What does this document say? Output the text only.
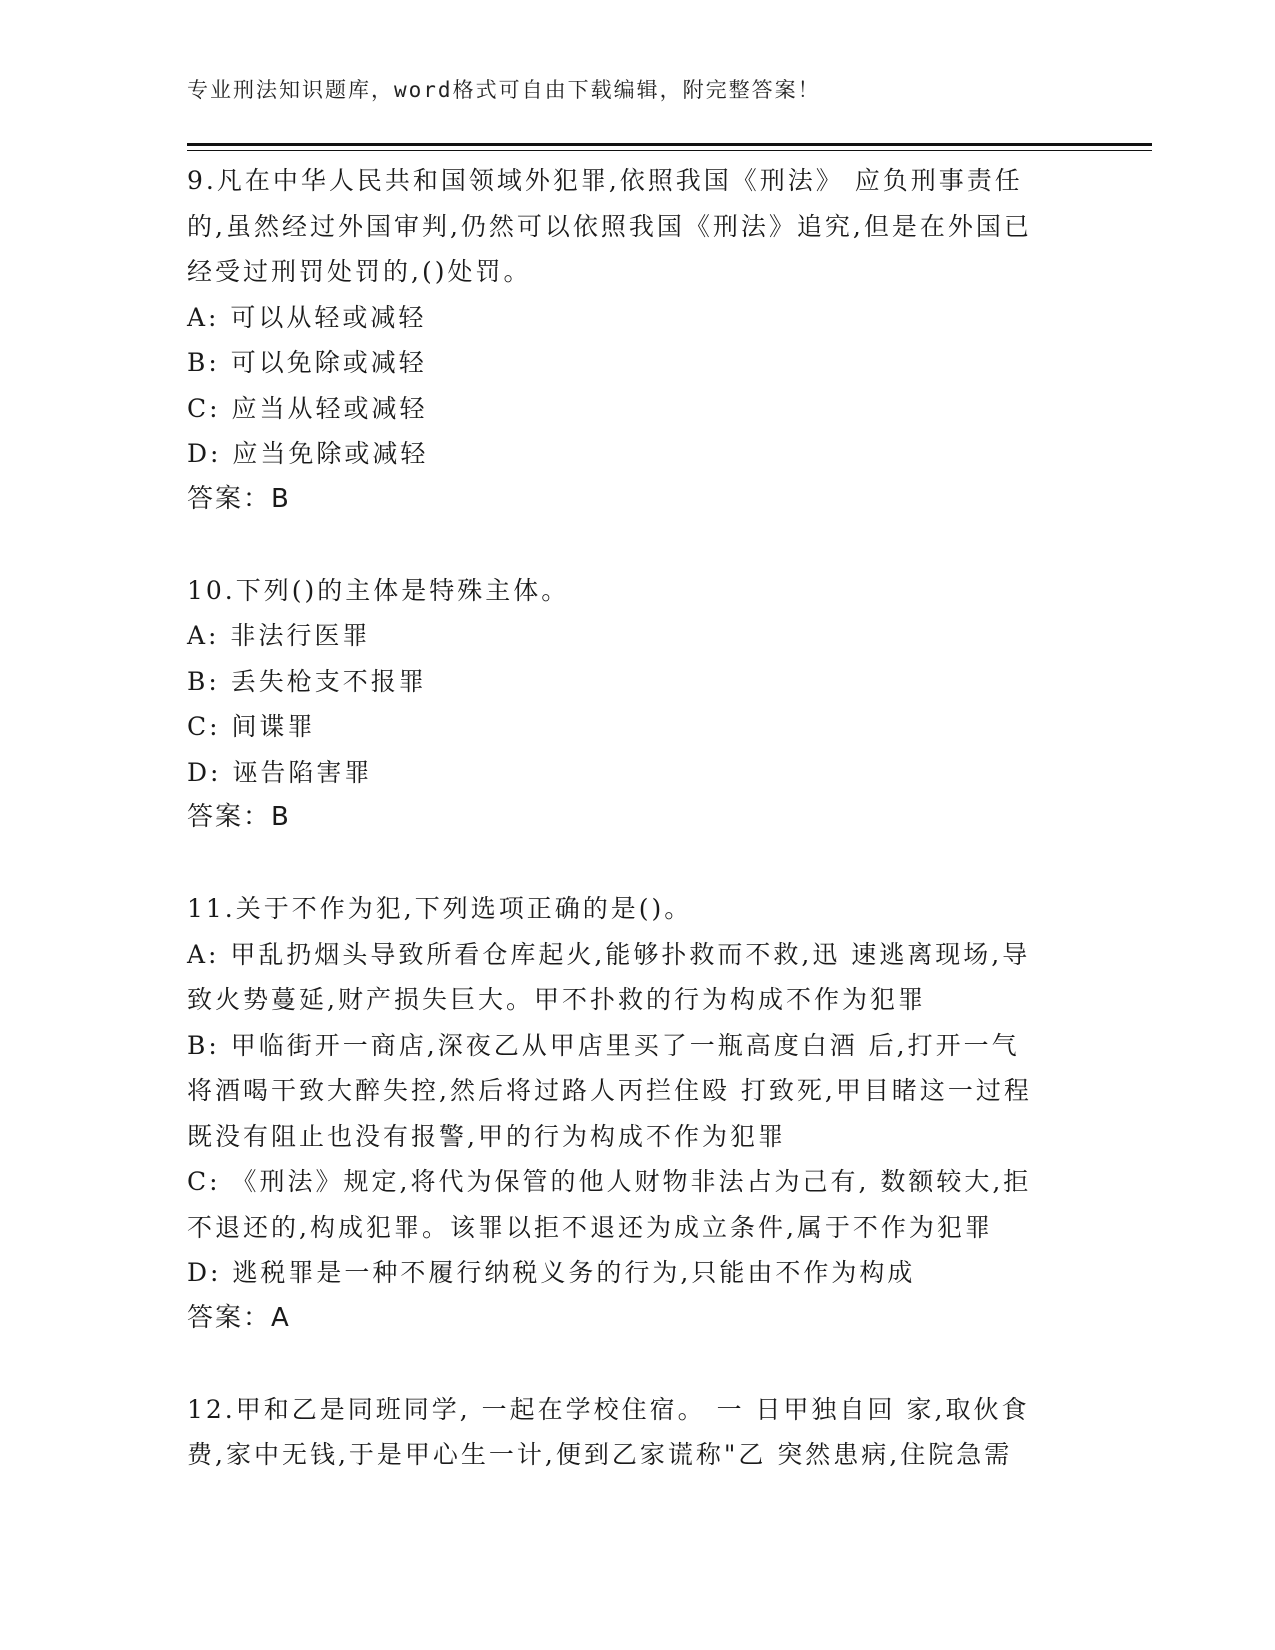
专业刑法知识题库，word格式可自由下载编辑，附完整答案！

9.凡在中华人民共和国领域外犯罪,依照我国《刑法》 应负刑事责任

的,虽然经过外国审判,仍然可以依照我国《刑法》追究,但是在外国已

经受过刑罚处罚的,()处罚。

A: 可以从轻或减轻

B: 可以免除或减轻

C: 应当从轻或减轻

D: 应当免除或减轻

答案：B

10.下列()的主体是特殊主体。

A: 非法行医罪

B: 丢失枪支不报罪

C: 间谍罪

D: 诬告陷害罪

答案：B

11.关于不作为犯,下列选项正确的是()。

A: 甲乱扔烟头导致所看仓库起火,能够扑救而不救,迅 速逃离现场,导

致火势蔓延,财产损失巨大。甲不扑救的行为构成不作为犯罪

B: 甲临街开一商店,深夜乙从甲店里买了一瓶高度白酒 后,打开一气

将酒喝干致大醉失控,然后将过路人丙拦住殴 打致死,甲目睹这一过程

既没有阻止也没有报警,甲的行为构成不作为犯罪

C: 《刑法》规定,将代为保管的他人财物非法占为己有, 数额较大,拒

不退还的,构成犯罪。该罪以拒不退还为成立条件,属于不作为犯罪

D: 逃税罪是一种不履行纳税义务的行为,只能由不作为构成

答案：A

12.甲和乙是同班同学, 一起在学校住宿。 一 日甲独自回 家,取伙食

费,家中无钱,于是甲心生一计,便到乙家谎称"乙 突然患病,住院急需
